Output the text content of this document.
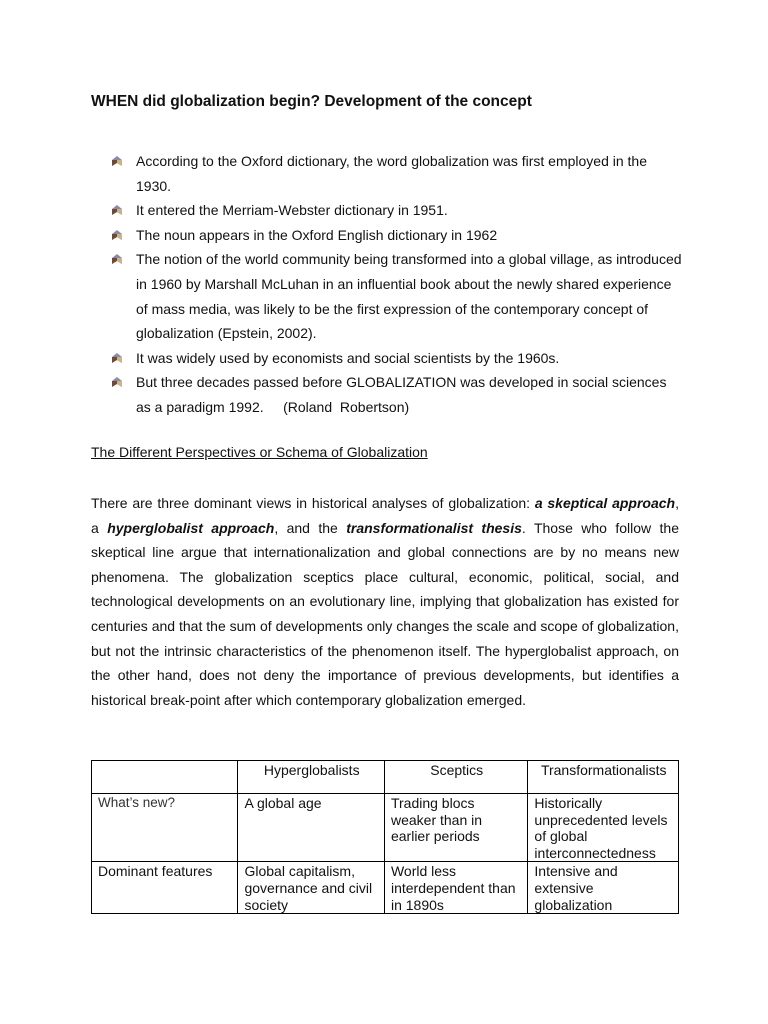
WHEN did globalization begin? Development of the concept
According to the Oxford dictionary, the word globalization was first employed in the 1930.
It entered the Merriam-Webster dictionary in 1951.
The noun appears in the Oxford English dictionary in 1962
The notion of the world community being transformed into a global village, as introduced in 1960 by Marshall McLuhan in an influential book about the newly shared experience of mass media, was likely to be the first expression of the contemporary concept of globalization (Epstein, 2002).
It was widely used by economists and social scientists by the 1960s.
But three decades passed before GLOBALIZATION was developed in social sciences as a paradigm 1992.     (Roland  Robertson)
The Different Perspectives or Schema of Globalization

There are three dominant views in historical analyses of globalization: a skeptical approach, a hyperglobalist approach, and the transformationalist thesis. Those who follow the skeptical line argue that internationalization and global connections are by no means new phenomena. The globalization sceptics place cultural, economic, political, social, and technological developments on an evolutionary line, implying that globalization has existed for centuries and that the sum of developments only changes the scale and scope of globalization, but not the intrinsic characteristics of the phenomenon itself. The hyperglobalist approach, on the other hand, does not deny the importance of previous developments, but identifies a historical break-point after which contemporary globalization emerged.

	Hyperglobalists	Sceptics	Transformationalists
What’s new?	A global age	Trading blocs weaker than in earlier periods	Historically unprecedented levels of global interconnectedness
Dominant features	Global capitalism, governance and civil society	World less interdependent than in 1890s	Intensive and extensive globalization
